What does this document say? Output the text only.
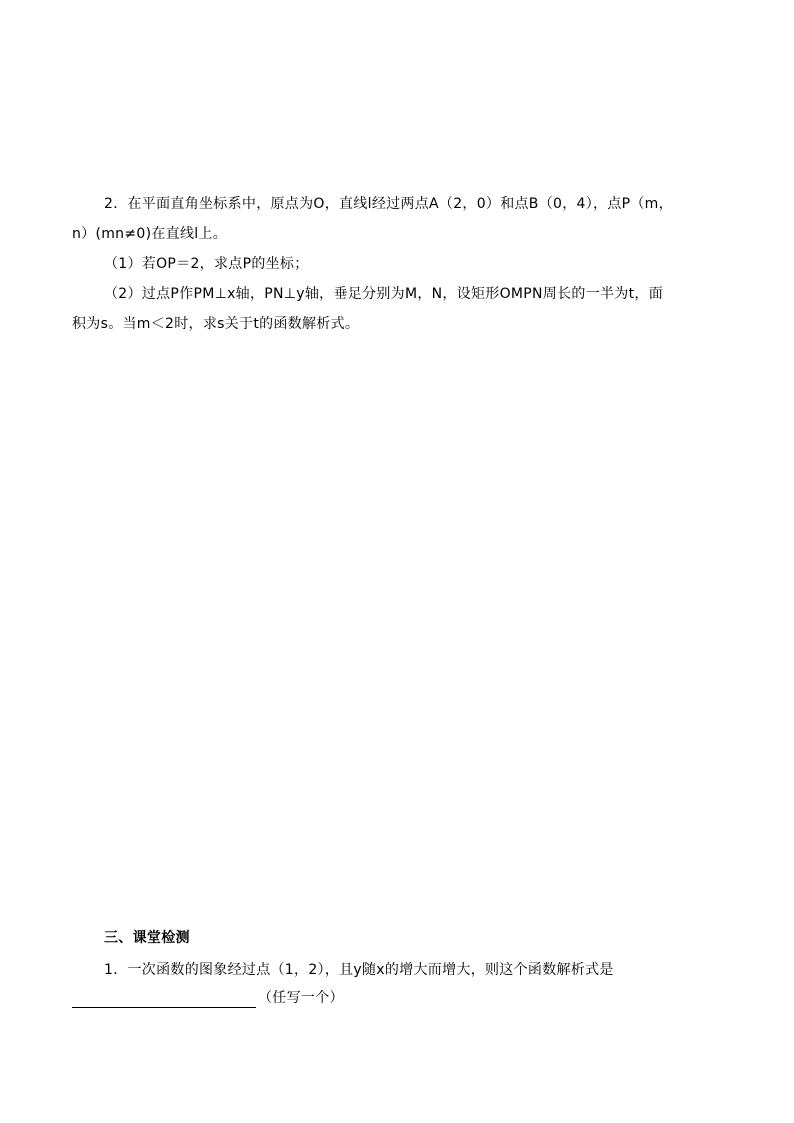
2．在平面直角坐标系中，原点为O，直线l经过两点A（2，0）和点B（0，4），点P（m，
n）(mn≠0)在直线l上。
（1）若OP＝2，求点P的坐标；
（2）过点P作PM⊥x轴，PN⊥y轴，垂足分别为M，N，设矩形OMPN周长的一半为t，面
积为s。当m＜2时，求s关于t的函数解析式。
三、课堂检测
1．一次函数的图象经过点（1，2），且y随x的增大而增大，则这个函数解析式是
（任写一个）
